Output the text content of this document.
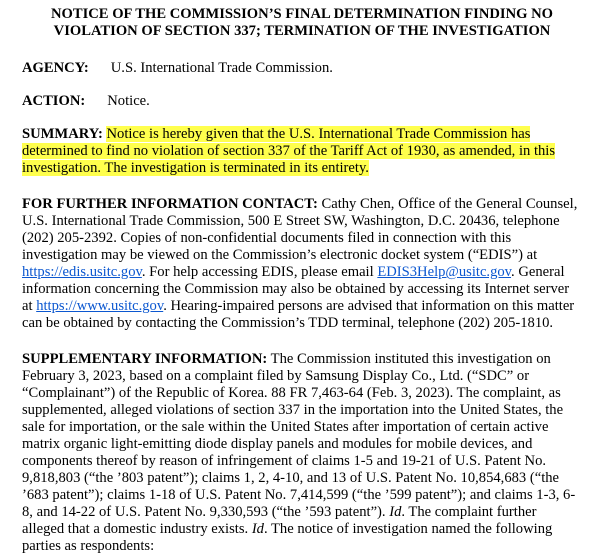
NOTICE OF THE COMMISSION’S FINAL DETERMINATION FINDING NO
VIOLATION OF SECTION 337; TERMINATION OF THE INVESTIGATION

AGENCY: U.S. International Trade Commission.

ACTION: Notice.

SUMMARY: Notice is hereby given that the U.S. International Trade Commission has determined to find no violation of section 337 of the Tariff Act of 1930, as amended, in this investigation. The investigation is terminated in its entirety.

FOR FURTHER INFORMATION CONTACT: Cathy Chen, Office of the General Counsel, U.S. International Trade Commission, 500 E Street SW, Washington, D.C. 20436, telephone (202) 205-2392. Copies of non-confidential documents filed in connection with this investigation may be viewed on the Commission’s electronic docket system (“EDIS”) at https://edis.usitc.gov. For help accessing EDIS, please email EDIS3Help@usitc.gov. General information concerning the Commission may also be obtained by accessing its Internet server at https://www.usitc.gov. Hearing-impaired persons are advised that information on this matter can be obtained by contacting the Commission’s TDD terminal, telephone (202) 205-1810.

SUPPLEMENTARY INFORMATION: The Commission instituted this investigation on February 3, 2023, based on a complaint filed by Samsung Display Co., Ltd. (“SDC” or “Complainant”) of the Republic of Korea. 88 FR 7,463-64 (Feb. 3, 2023). The complaint, as supplemented, alleged violations of section 337 in the importation into the United States, the sale for importation, or the sale within the United States after importation of certain active matrix organic light-emitting diode display panels and modules for mobile devices, and components thereof by reason of infringement of claims 1-5 and 19-21 of U.S. Patent No. 9,818,803 (“the ’803 patent”); claims 1, 2, 4-10, and 13 of U.S. Patent No. 10,854,683 (“the ’683 patent”); claims 1-18 of U.S. Patent No. 7,414,599 (“the ’599 patent”); and claims 1-3, 6-8, and 14-22 of U.S. Patent No. 9,330,593 (“the ’593 patent”). Id. The complaint further alleged that a domestic industry exists. Id. The notice of investigation named the following parties as respondents:
